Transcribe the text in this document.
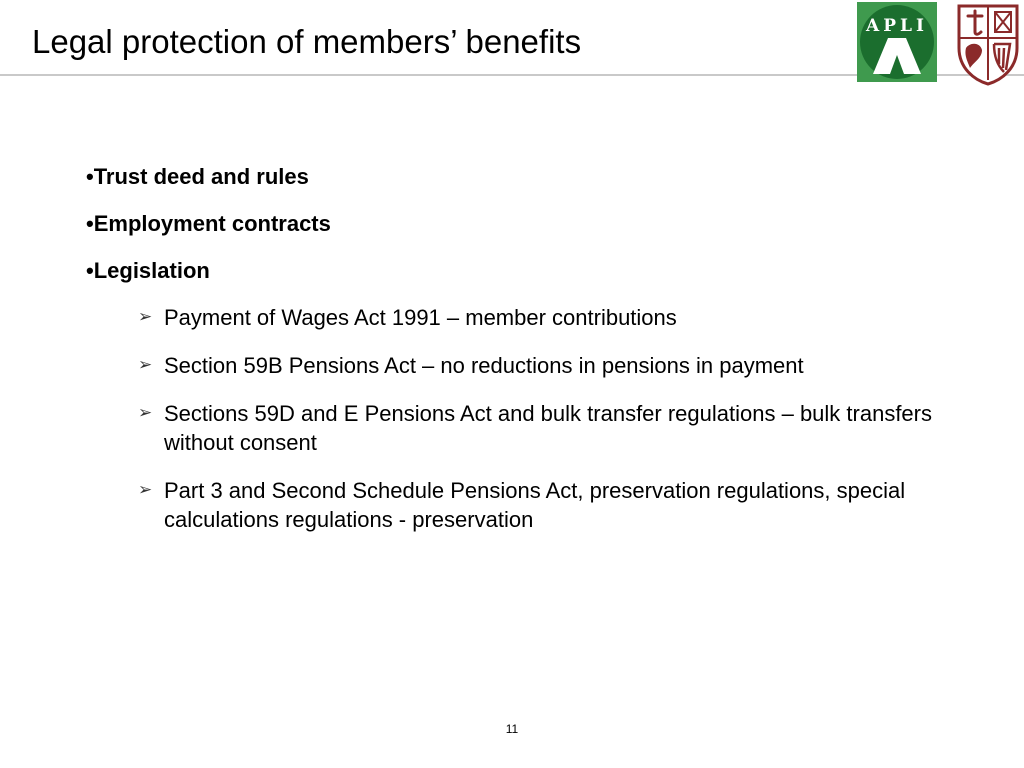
Legal protection of members’ benefits	APLI
•Trust deed and rules
•Employment contracts
•Legislation
➢ Payment of Wages Act 1991 – member contributions
➢ Section 59B Pensions Act – no reductions in pensions in payment
➢ Sections 59D and E Pensions Act and bulk transfer regulations – bulk transfers without consent
➢ Part 3 and Second Schedule Pensions Act, preservation regulations, special calculations regulations - preservation
11
